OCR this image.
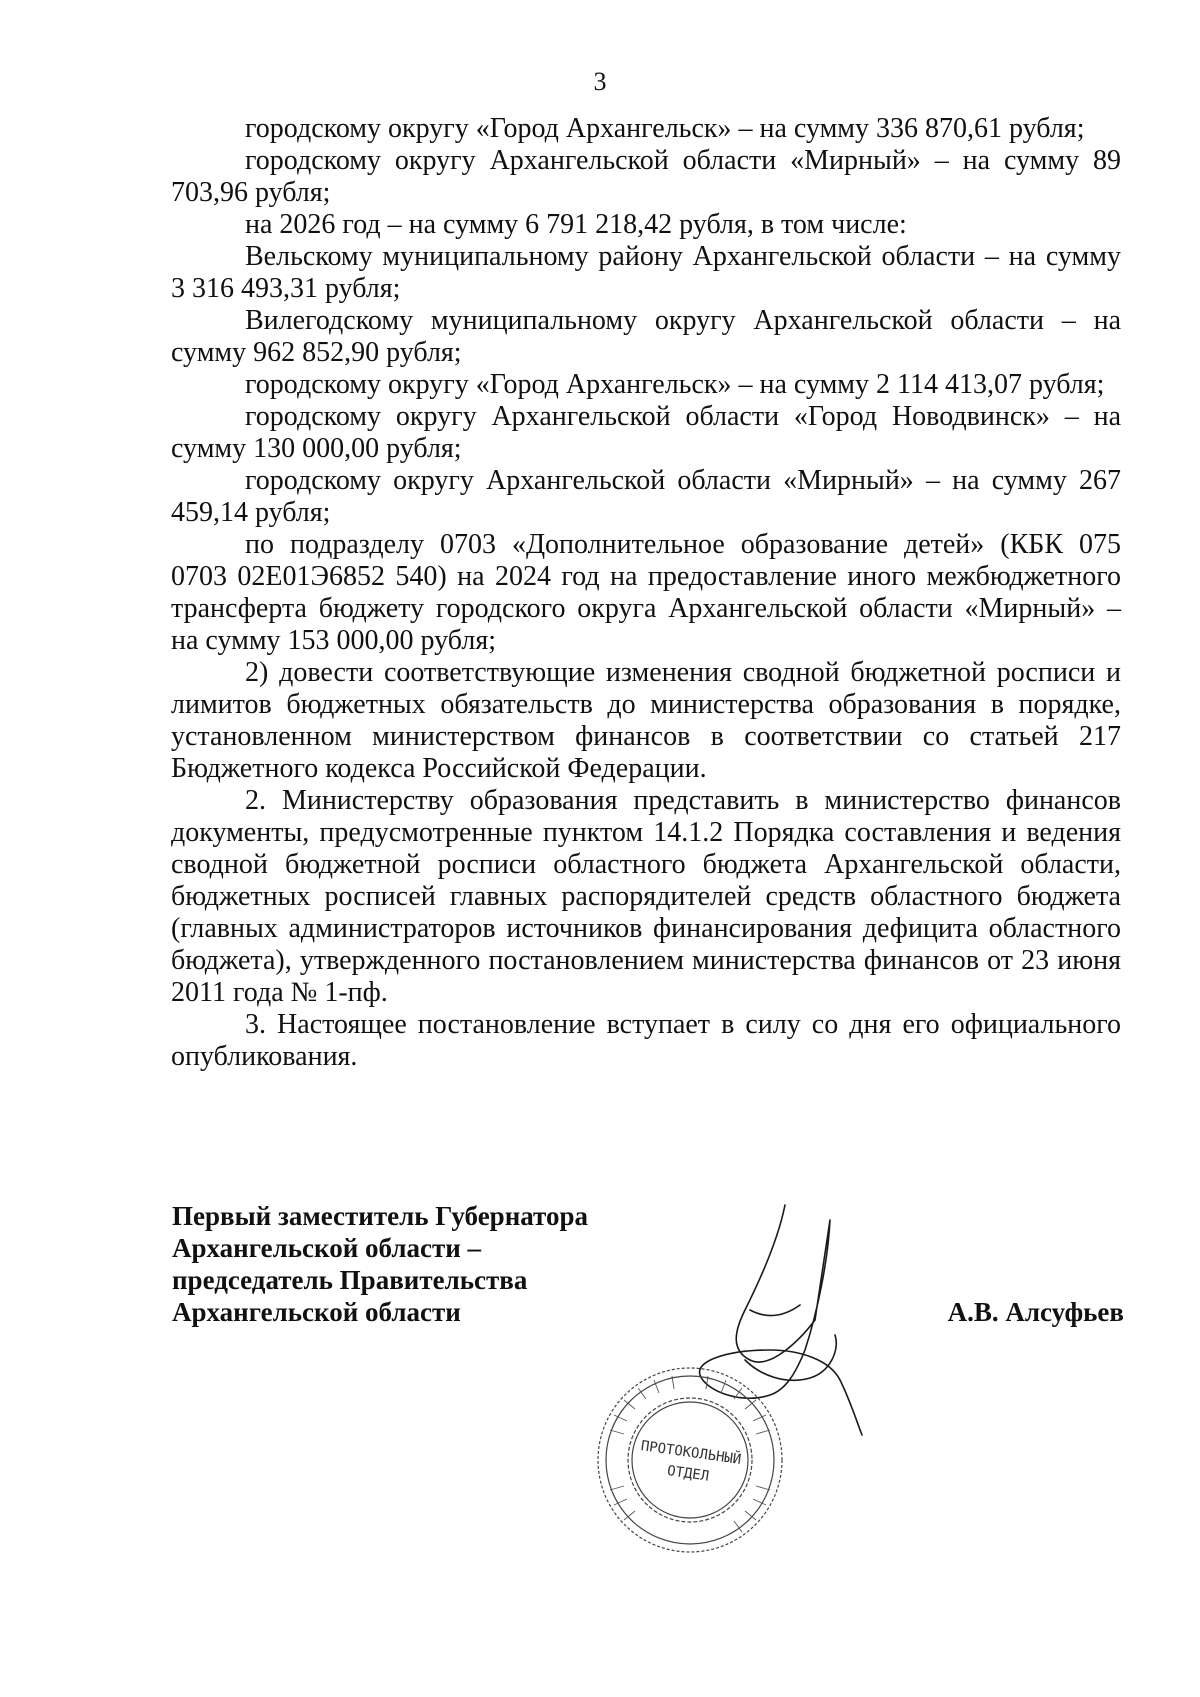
3

городскому округу «Город Архангельск» – на сумму 336 870,61 рубля;

городскому округу Архангельской области «Мирный» – на сумму 89 703,96 рубля;

на 2026 год – на сумму 6 791 218,42 рубля, в том числе:

Вельскому муниципальному району Архангельской области – на сумму 3 316 493,31 рубля;

Вилегодскому муниципальному округу Архангельской области – на сумму 962 852,90 рубля;

городскому округу «Город Архангельск» – на сумму 2 114 413,07 рубля;

городскому округу Архангельской области «Город Новодвинск» – на сумму 130 000,00 рубля;

городскому округу Архангельской области «Мирный» – на сумму 267 459,14 рубля;

по подразделу 0703 «Дополнительное образование детей» (КБК 075 0703 02Е01Э6852 540) на 2024 год на предоставление иного межбюджетного трансферта бюджету городского округа Архангельской области «Мирный» – на сумму 153 000,00 рубля;

2) довести соответствующие изменения сводной бюджетной росписи и лимитов бюджетных обязательств до министерства образования в порядке, установленном министерством финансов в соответствии со статьей 217 Бюджетного кодекса Российской Федерации.

2. Министерству образования представить в министерство финансов документы, предусмотренные пунктом 14.1.2 Порядка составления и ведения сводной бюджетной росписи областного бюджета Архангельской области, бюджетных росписей главных распорядителей средств областного бюджета (главных администраторов источников финансирования дефицита областного бюджета), утвержденного постановлением министерства финансов от 23 июня 2011 года № 1-пф.

3. Настоящее постановление вступает в силу со дня его официального опубликования.

Первый заместитель Губернатора
Архангельской области –
председатель Правительства
Архангельской области	А.В. Алсуфьев
ПРОТОКОЛЬНЫЙ
ОТДЕЛ
